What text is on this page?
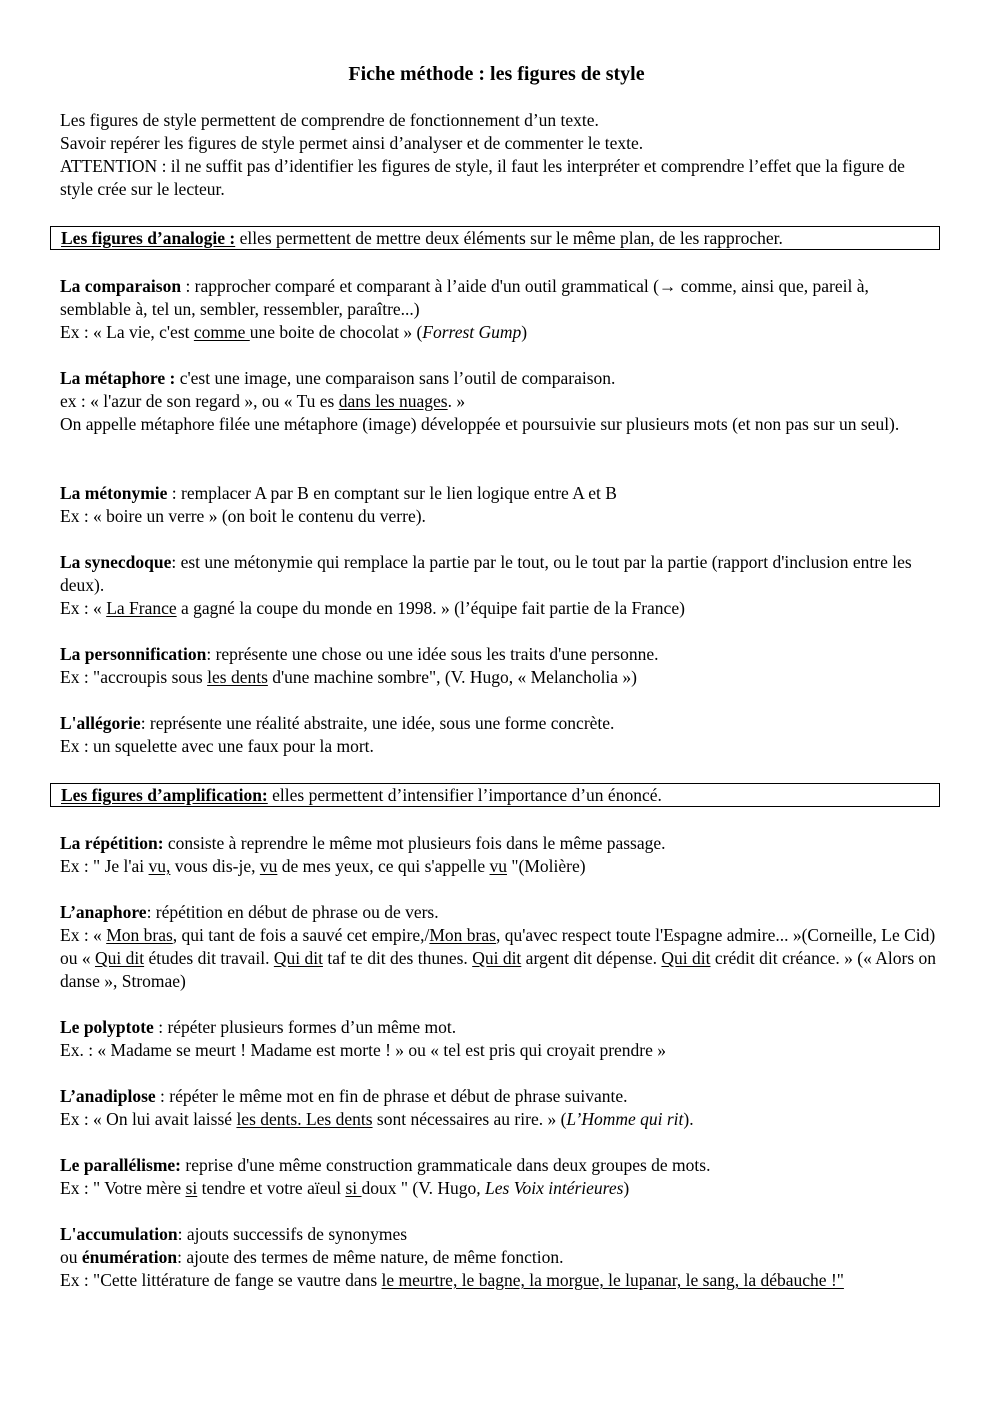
Fiche méthode : les figures de style

Les figures de style permettent de comprendre de fonctionnement d’un texte.

Savoir repérer les figures de style permet ainsi d’analyser et de commenter le texte.

ATTENTION : il ne suffit pas d’identifier les figures de style, il faut les interpréter et comprendre l’effet que la figure de style crée sur le lecteur.

Les figures d’analogie : elles permettent de mettre deux éléments sur le même plan, de les rapprocher.

La comparaison : rapprocher comparé et comparant à l’aide d'un outil grammatical (→ comme, ainsi que, pareil à, semblable à, tel un, sembler, ressembler, paraître...)

Ex : « La vie, c'est comme une boite de chocolat » (Forrest Gump)

La métaphore : c'est une image, une comparaison sans l’outil de comparaison.

ex : « l'azur de son regard », ou « Tu es dans les nuages. »

On appelle métaphore filée une métaphore (image) développée et poursuivie sur plusieurs mots (et non pas sur un seul).

La métonymie : remplacer A par B en comptant sur le lien logique entre A et B

Ex : « boire un verre » (on boit le contenu du verre).

La synecdoque: est une métonymie qui remplace la partie par le tout, ou le tout par la partie (rapport d'inclusion entre les deux).

Ex : « La France a gagné la coupe du monde en 1998. » (l’équipe fait partie de la France)

La personnification: représente une chose ou une idée sous les traits d'une personne.

Ex : "accroupis sous les dents d'une machine sombre", (V. Hugo, « Melancholia »)

L'allégorie: représente une réalité abstraite, une idée, sous une forme concrète.

Ex : un squelette avec une faux pour la mort.

Les figures d’amplification: elles permettent d’intensifier l’importance d’un énoncé.

La répétition: consiste à reprendre le même mot plusieurs fois dans le même passage.

Ex : " Je l'ai vu, vous dis-je, vu de mes yeux, ce qui s'appelle vu "(Molière)

L’anaphore: répétition en début de phrase ou de vers.

Ex : « Mon bras, qui tant de fois a sauvé cet empire,/Mon bras, qu'avec respect toute l'Espagne admire... »(Corneille, Le Cid) ou « Qui dit études dit travail. Qui dit taf te dit des thunes. Qui dit argent dit dépense. Qui dit crédit dit créance. » (« Alors on danse », Stromae)

Le polyptote : répéter plusieurs formes d’un même mot.

Ex. : « Madame se meurt ! Madame est morte ! » ou « tel est pris qui croyait prendre »

L’anadiplose : répéter le même mot en fin de phrase et début de phrase suivante.

Ex : « On lui avait laissé les dents. Les dents sont nécessaires au rire. » (L’Homme qui rit).

Le parallélisme: reprise d'une même construction grammaticale dans deux groupes de mots.

Ex : " Votre mère si tendre et votre aïeul si doux " (V. Hugo, Les Voix intérieures)

L'accumulation: ajouts successifs de synonymes

ou énumération: ajoute des termes de même nature, de même fonction.

Ex : "Cette littérature de fange se vautre dans le meurtre, le bagne, la morgue, le lupanar, le sang, la débauche !"
